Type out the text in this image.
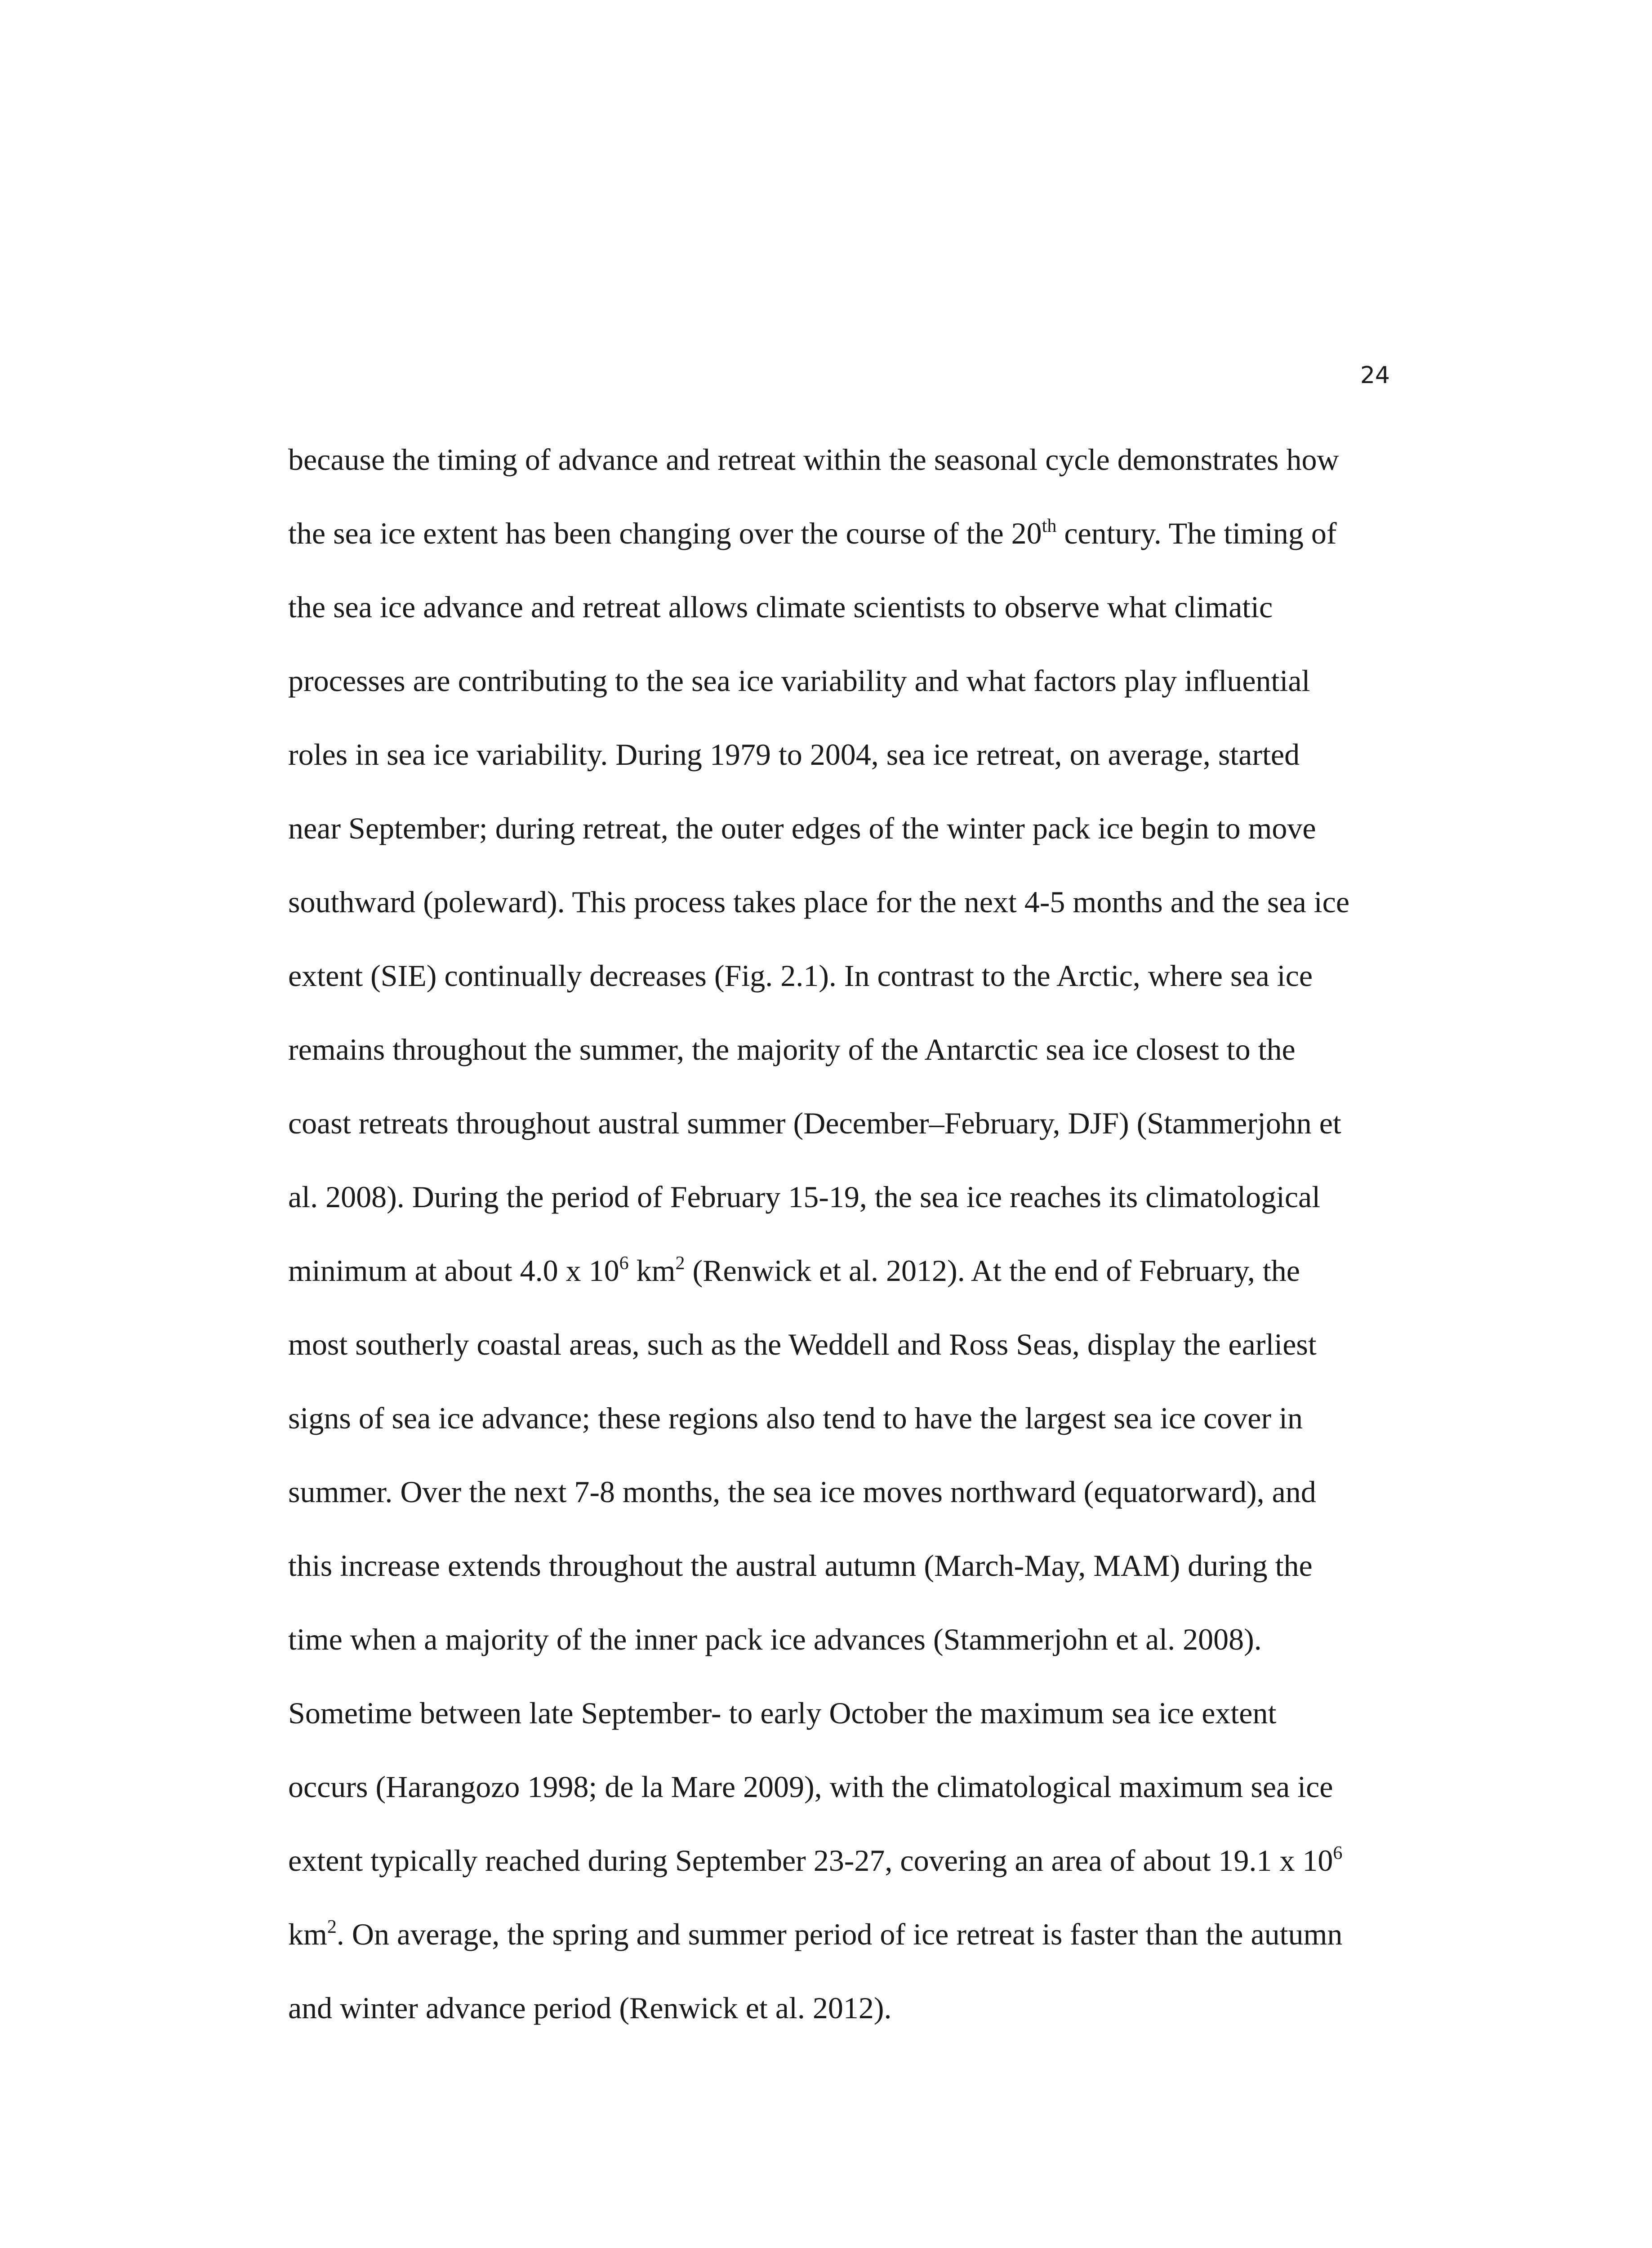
24
because the timing of advance and retreat within the seasonal cycle demonstrates how
the sea ice extent has been changing over the course of the 20th century. The timing of
the sea ice advance and retreat allows climate scientists to observe what climatic
processes are contributing to the sea ice variability and what factors play influential
roles in sea ice variability. During 1979 to 2004, sea ice retreat, on average, started
near September; during retreat, the outer edges of the winter pack ice begin to move
southward (poleward). This process takes place for the next 4-5 months and the sea ice
extent (SIE) continually decreases (Fig. 2.1). In contrast to the Arctic, where sea ice
remains throughout the summer, the majority of the Antarctic sea ice closest to the
coast retreats throughout austral summer (December–February, DJF) (Stammerjohn et
al. 2008). During the period of February 15-19, the sea ice reaches its climatological
minimum at about 4.0 x $10^6$ $km^2$ (Renwick et al. 2012). At the end of February, the
most southerly coastal areas, such as the Weddell and Ross Seas, display the earliest
signs of sea ice advance; these regions also tend to have the largest sea ice cover in
summer. Over the next 7-8 months, the sea ice moves northward (equatorward), and
this increase extends throughout the austral autumn (March-May, MAM) during the
time when a majority of the inner pack ice advances (Stammerjohn et al. 2008).
Sometime between late September- to early October the maximum sea ice extent
occurs (Harangozo 1998; de la Mare 2009), with the climatological maximum sea ice
extent typically reached during September 23-27, covering an area of about 19.1 x $10^6$
$km^2$. On average, the spring and summer period of ice retreat is faster than the autumn
and winter advance period (Renwick et al. 2012).
